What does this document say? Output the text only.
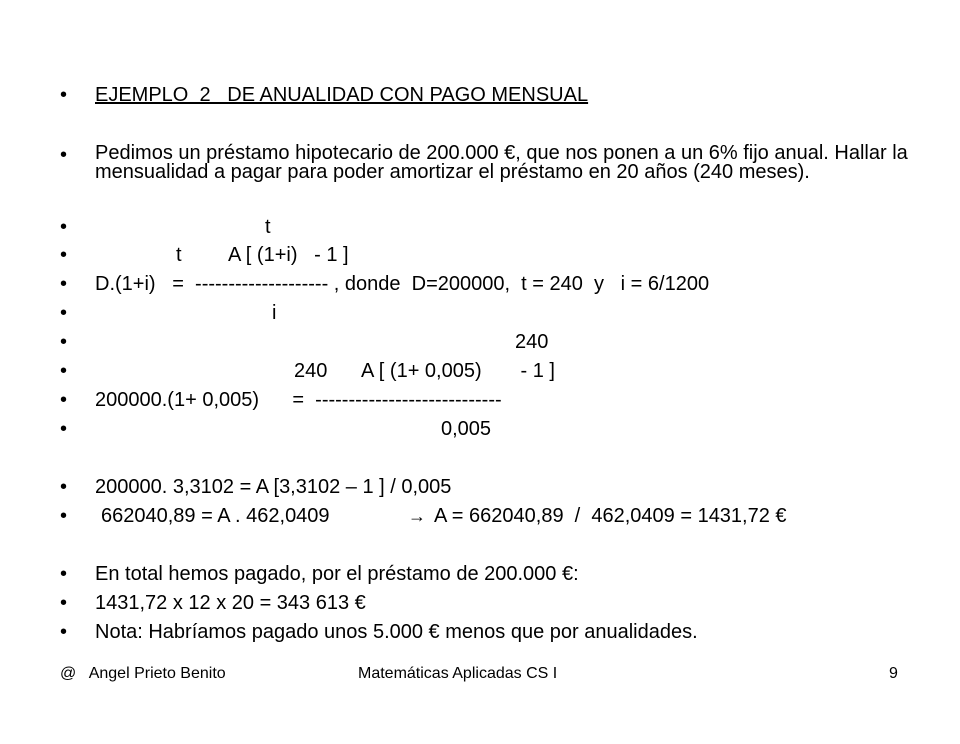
•

EJEMPLO  2   DE ANUALIDAD CON PAGO MENSUAL

•

Pedimos un préstamo hipotecario de 200.000 €, que nos ponen a un 6% fijo anual. Hallar la mensualidad a pagar para poder amortizar el préstamo en 20 años (240 meses).

•

	t

•

	t

A [ (1+i)   - 1 ]

•

D.(1+i)   =  -------------------- , donde  D=200000,  t = 240  y   i = 6/1200

•

	i

•

	240

•

	240

A [ (1+ 0,005)       - 1 ]

•

200000.(1+ 0,005)      =  ----------------------------

•

	0,005

•

200000. 3,3102 = A [3,3102 – 1 ] / 0,005

•

662040,89 = A . 462,0409

	→

A = 662040,89  /  462,0409 = 1431,72 €

•

En total hemos pagado, por el préstamo de 200.000 €:

•

1431,72 x 12 x 20 = 343 613 €

•

Nota: Habríamos pagado unos 5.000 € menos que por anualidades.

@   Angel Prieto Benito

	Matemáticas Aplicadas CS I

	9
